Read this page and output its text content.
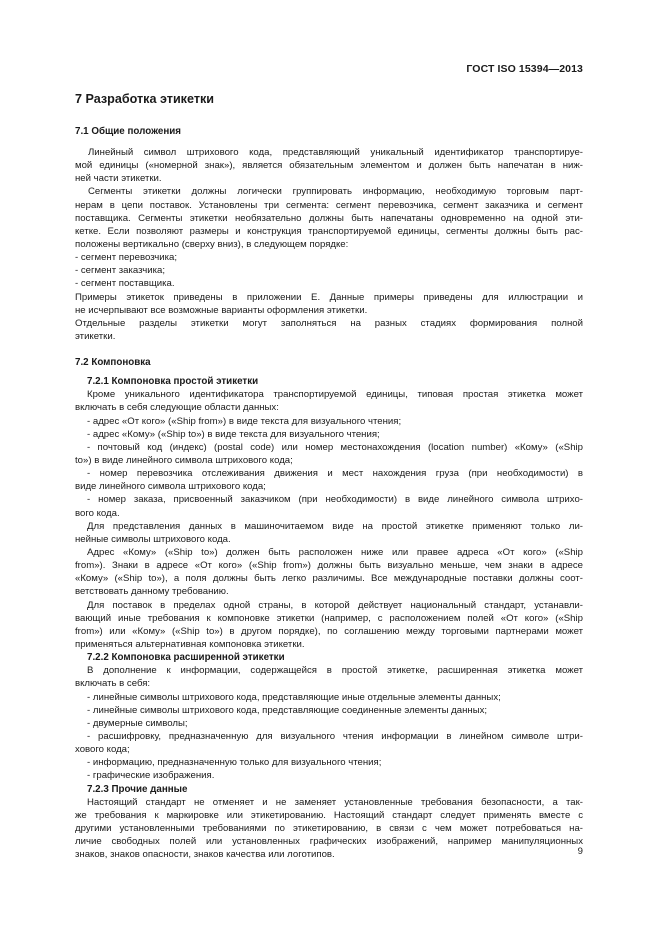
ГОСТ ISO 15394—2013
7 Разработка этикетки
7.1 Общие положения
Линейный символ штрихового кода, представляющий уникальный идентификатор транспортируе-
мой единицы («номерной знак»), является обязательным элементом и должен быть напечатан в ниж-
ней части этикетки.
Сегменты этикетки должны логически группировать информацию, необходимую торговым парт-
нерам в цепи поставок. Установлены три сегмента: сегмент перевозчика, сегмент заказчика и сегмент
поставщика. Сегменты этикетки необязательно должны быть напечатаны одновременно на одной эти-
кетке. Если позволяют размеры и конструкция транспортируемой единицы, сегменты должны быть рас-
положены вертикально (сверху вниз), в следующем порядке:
- сегмент перевозчика;
- сегмент заказчика;
- сегмент поставщика.
Примеры этикеток приведены в приложении Е. Данные примеры приведены для иллюстрации и
не исчерпывают все возможные варианты оформления этикетки.
Отдельные разделы этикетки могут заполняться на разных стадиях формирования полной
этикетки.
7.2 Компоновка
7.2.1 Компоновка простой этикетки
Кроме уникального идентификатора транспортируемой единицы, типовая простая этикетка может
включать в себя следующие области данных:
- адрес «От кого» («Ship from») в виде текста для визуального чтения;
- адрес «Кому» («Ship to») в виде текста для визуального чтения;
- почтовый код (индекс) (postal code) или номер местонахождения (location number) «Кому» («Ship
to») в виде линейного символа штрихового кода;
- номер перевозчика отслеживания движения и мест нахождения груза (при необходимости) в
виде линейного символа штрихового кода;
- номер заказа, присвоенный заказчиком (при необходимости) в виде линейного символа штрихо-
вого кода.
Для представления данных в машиночитаемом виде на простой этикетке применяют только ли-
нейные символы штрихового кода.
Адрес «Кому» («Ship to») должен быть расположен ниже или правее адреса «От кого» («Ship
from»). Знаки в адресе «От кого» («Ship from») должны быть визуально меньше, чем знаки в адресе
«Кому» («Ship to»), а поля должны быть легко различимы. Все международные поставки должны соот-
ветствовать данному требованию.
Для поставок в пределах одной страны, в которой действует национальный стандарт, устанавли-
вающий иные требования к компоновке этикетки (например, с расположением полей «От кого» («Ship
from») или «Кому» («Ship to») в другом порядке), по соглашению между торговыми партнерами может
применяться альтернативная компоновка этикетки.
7.2.2 Компоновка расширенной этикетки
В дополнение к информации, содержащейся в простой этикетке, расширенная этикетка может
включать в себя:
- линейные символы штрихового кода, представляющие иные отдельные элементы данных;
- линейные символы штрихового кода, представляющие соединенные элементы данных;
- двумерные символы;
- расшифровку, предназначенную для визуального чтения информации в линейном символе штри-
хового кода;
- информацию, предназначенную только для визуального чтения;
- графические изображения.
7.2.3 Прочие данные
Настоящий стандарт не отменяет и не заменяет установленные требования безопасности, а так-
же требования к маркировке или этикетированию. Настоящий стандарт следует применять вместе с
другими установленными требованиями по этикетированию, в связи с чем может потребоваться на-
личие свободных полей или установленных графических изображений, например манипуляционных
знаков, знаков опасности, знаков качества или логотипов.	9
